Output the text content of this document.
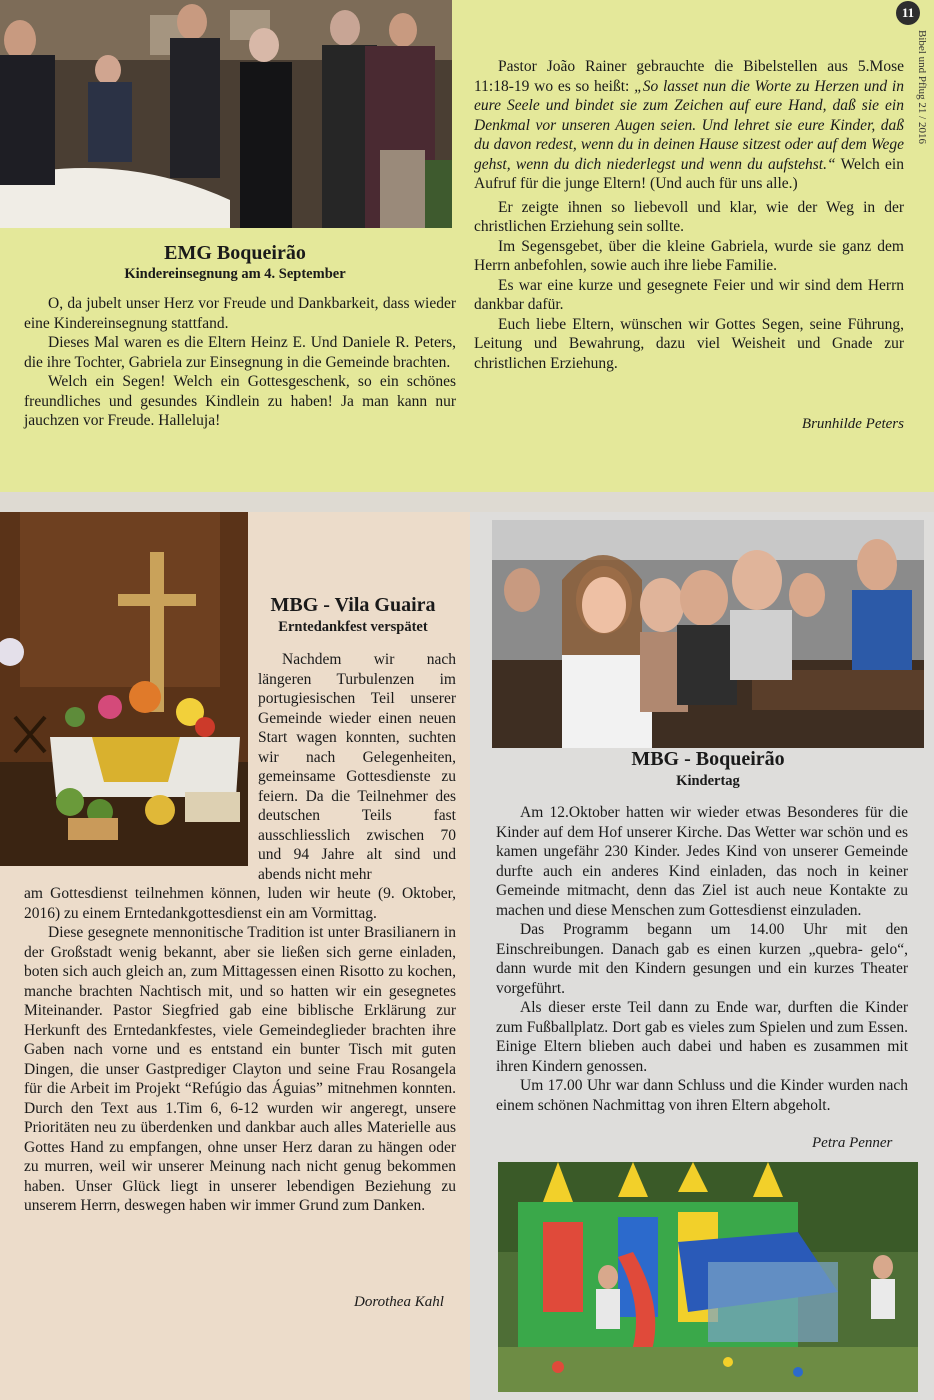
11
Bibel und Pflug 21 / 2016
EMG Boqueirão
Kindereinsegnung am 4. September

O, da jubelt unser Herz vor Freude und Dankbarkeit, dass wieder eine Kindereinsegnung stattfand.

Dieses Mal waren es die Eltern Heinz E. Und Daniele R. Peters, die ihre Tochter, Gabriela zur Einsegnung in die Gemeinde brachten.

Welch ein Segen! Welch ein Gottesgeschenk, so ein schönes freundliches und gesundes Kindlein zu haben! Ja man kann nur jauchzen vor Freude. Halleluja!

Pastor João Rainer gebrauchte die Bibelstellen aus 5.Mose 11:18-19 wo es so heißt: „So lasset nun die Worte zu Herzen und in eure Seele und bindet sie zum Zeichen auf eure Hand, daß sie ein Denkmal vor unseren Augen seien. Und lehret sie eure Kinder, daß du davon redest, wenn du in deinen Hause sitzest oder auf dem Wege gehst, wenn du dich niederlegst und wenn du aufstehst.“ Welch ein Aufruf für die junge Eltern! (Und auch für uns alle.)

Er zeigte ihnen so liebevoll und klar, wie der Weg in der christlichen Erziehung sein sollte.

Im Segensgebet, über die kleine Gabriela, wurde sie ganz dem Herrn anbefohlen, sowie auch ihre liebe Familie.

Es war eine kurze und gesegnete Feier und wir sind dem Herrn dankbar dafür.

Euch liebe Eltern, wünschen wir Gottes Segen, seine Führung, Leitung und Bewahrung, dazu viel Weisheit und Gnade zur christlichen Erziehung.

Brunhilde Peters
MBG - Vila Guaira
Erntedankfest verspätet

Nachdem wir nach längeren Turbulenzen im portugiesischen Teil unserer Gemeinde wieder einen neuen Start wagen konnten, suchten wir nach Gelegenheiten, gemeinsame Gottesdienste zu feiern. Da die Teilnehmer des deutschen Teils fast ausschliesslich zwischen 70 und 94 Jahre alt sind und abends nicht mehr

am Gottesdienst teilnehmen können, luden wir heute (9. Oktober, 2016) zu einem Erntedankgottesdienst ein am Vormittag.

Diese gesegnete mennonitische Tradition ist unter Brasilianern in der Großstadt wenig bekannt, aber sie ließen sich gerne einladen, boten sich auch gleich an, zum Mittagessen einen Risotto zu kochen, manche brachten Nachtisch mit, und so hatten wir ein gesegnetes Miteinander. Pastor Siegfried gab eine biblische Erklärung zur Herkunft des Erntedankfestes, viele Gemeindeglieder brachten ihre Gaben nach vorne und es entstand ein bunter Tisch mit guten Dingen, die unser Gastprediger Clayton und seine Frau Rosangela für die Arbeit im Projekt “Refúgio das Águias” mitnehmen konnten. Durch den Text aus 1.Tim 6, 6-12 wurden wir angeregt, unsere Prioritäten neu zu überdenken und dankbar auch alles Materielle aus Gottes Hand zu empfangen, ohne unser Herz daran zu hängen oder zu murren, weil wir unserer Meinung nach nicht genug bekommen haben. Unser Glück liegt in unserer lebendigen Beziehung zu unserem Herrn, deswegen haben wir immer Grund zum Danken.

Dorothea Kahl
MBG - Boqueirão
Kindertag

Am 12.Oktober hatten wir wieder etwas Besonderes für die Kinder auf dem Hof unserer Kirche. Das Wetter war schön und es kamen ungefähr 230 Kinder. Jedes Kind von unserer Gemeinde durfte auch ein anderes Kind einladen, das noch in keiner Gemeinde mitmacht, denn das Ziel ist auch neue Kontakte zu machen und diese Menschen zum Gottesdienst einzuladen.

Das Programm begann um 14.00 Uhr mit den Einschreibungen. Danach gab es einen kurzen „quebra- gelo“, dann wurde mit den Kindern gesungen und ein kurzes Theater vorgeführt.

Als dieser erste Teil dann zu Ende war, durften die Kinder zum Fußballplatz. Dort gab es vieles zum Spielen und zum Essen. Einige Eltern blieben auch dabei und haben es zusammen mit ihren Kindern genossen.

Um 17.00 Uhr war dann Schluss und die Kinder wurden nach einem schönen Nachmittag von ihren Eltern abgeholt.

Petra Penner
